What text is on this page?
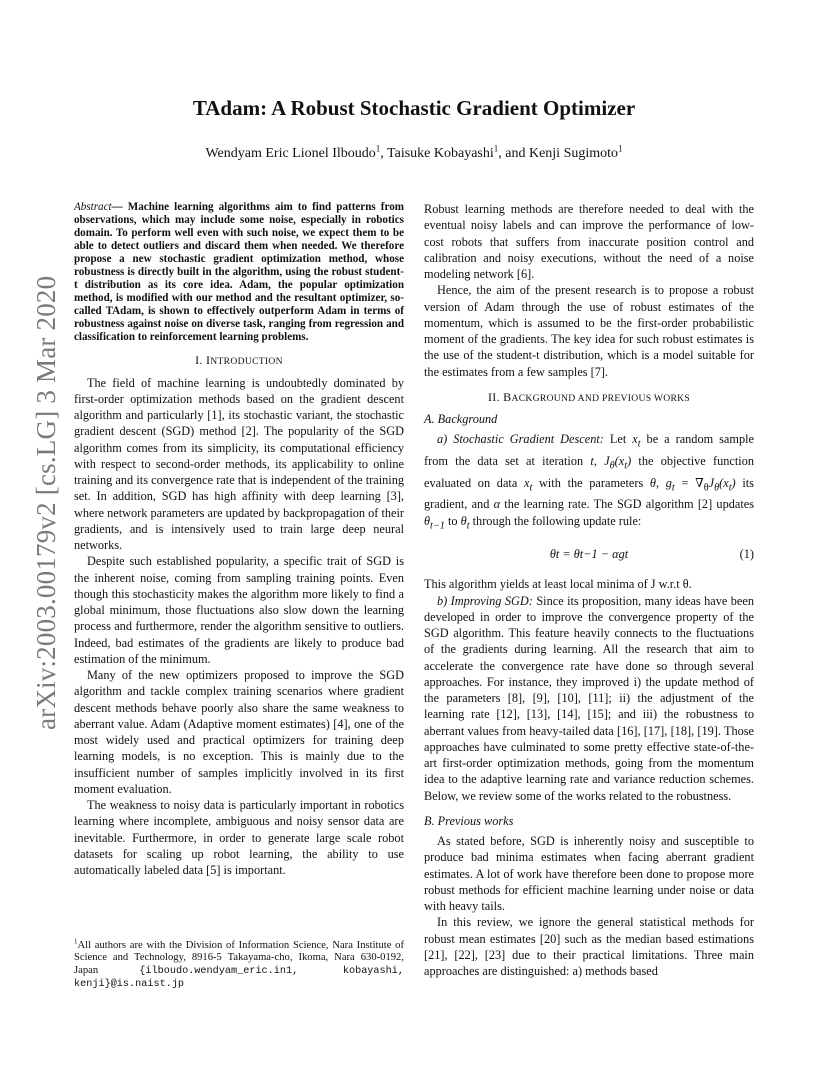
arXiv:2003.00179v2 [cs.LG] 3 Mar 2020
TAdam: A Robust Stochastic Gradient Optimizer
Wendyam Eric Lionel Ilboudo$^1$, Taisuke Kobayashi$^1$, and Kenji Sugimoto$^1$
Abstract— Machine learning algorithms aim to find patterns from observations, which may include some noise, especially in robotics domain. To perform well even with such noise, we expect them to be able to detect outliers and discard them when needed. We therefore propose a new stochastic gradient optimization method, whose robustness is directly built in the algorithm, using the robust student-t distribution as its core idea. Adam, the popular optimization method, is modified with our method and the resultant optimizer, so-called TAdam, is shown to effectively outperform Adam in terms of robustness against noise on diverse task, ranging from regression and classification to reinforcement learning problems.
I. INTRODUCTION

The field of machine learning is undoubtedly dominated by first-order optimization methods based on the gradient descent algorithm and particularly [1], its stochastic variant, the stochastic gradient descent (SGD) method [2]. The popularity of the SGD algorithm comes from its simplicity, its computational efficiency with respect to second-order methods, its applicability to online training and its convergence rate that is independent of the training set. In addition, SGD has high affinity with deep learning [3], where network parameters are updated by backpropagation of their gradients, and is intensively used to train large deep neural networks.

Despite such established popularity, a specific trait of SGD is the inherent noise, coming from sampling training points. Even though this stochasticity makes the algorithm more likely to find a global minimum, those fluctuations also slow down the learning process and furthermore, render the algorithm sensitive to outliers. Indeed, bad estimates of the gradients are likely to produce bad estimation of the minimum.

Many of the new optimizers proposed to improve the SGD algorithm and tackle complex training scenarios where gradient descent methods behave poorly also share the same weakness to aberrant value. Adam (Adaptive moment estimates) [4], one of the most widely used and practical optimizers for training deep learning models, is no exception. This is mainly due to the insufficient number of samples implicitly involved in its first moment evaluation.

The weakness to noisy data is particularly important in robotics learning where incomplete, ambiguous and noisy sensor data are inevitable. Furthermore, in order to generate large scale robot datasets for scaling up robot learning, the ability to use automatically labeled data [5] is important.

$^1$All authors are with the Division of Information Science, Nara Institute of Science and Technology, 8916-5 Takayama-cho, Ikoma, Nara 630-0192, Japan {ilboudo.wendyam_eric.in1, kobayashi, kenji}@is.naist.jp

Robust learning methods are therefore needed to deal with the eventual noisy labels and can improve the performance of low-cost robots that suffers from inaccurate position control and calibration and noisy executions, without the need of a noise modeling network [6].

Hence, the aim of the present research is to propose a robust version of Adam through the use of robust estimates of the momentum, which is assumed to be the first-order probabilistic moment of the gradients. The key idea for such robust estimates is the use of the student-t distribution, which is a model suitable for the estimates from a few samples [7].

II. BACKGROUND AND PREVIOUS WORKS
A. Background

a) Stochastic Gradient Descent: Let $x_t$ be a random sample from the data set at iteration t, $J_\theta(x_t)$ the objective function evaluated on data $x_t$ with the parameters θ, $g_t = \nabla_\theta J_\theta(x_t)$ its gradient, and α the learning rate. The SGD algorithm [2] updates $\theta_{t-1}$ to $\theta_t$ through the following update rule:

θt = θt−1 − αgt	(1)

This algorithm yields at least local minima of J w.r.t θ.

b) Improving SGD: Since its proposition, many ideas have been developed in order to improve the convergence property of the SGD algorithm. This feature heavily connects to the fluctuations of the gradients during learning. All the research that aim to accelerate the convergence rate have done so through several approaches. For instance, they improved i) the update method of the parameters [8], [9], [10], [11]; ii) the adjustment of the learning rate [12], [13], [14], [15]; and iii) the robustness to aberrant values from heavy-tailed data [16], [17], [18], [19]. Those approaches have culminated to some pretty effective state-of-the-art first-order optimization methods, going from the momentum idea to the adaptive learning rate and variance reduction schemes. Below, we review some of the works related to the robustness.

B. Previous works

As stated before, SGD is inherently noisy and susceptible to produce bad minima estimates when facing aberrant gradient estimates. A lot of work have therefore been done to propose more robust methods for efficient machine learning under noise or data with heavy tails.

In this review, we ignore the general statistical methods for robust mean estimates [20] such as the median based estimations [21], [22], [23] due to their practical limitations. Three main approaches are distinguished: a) methods based
